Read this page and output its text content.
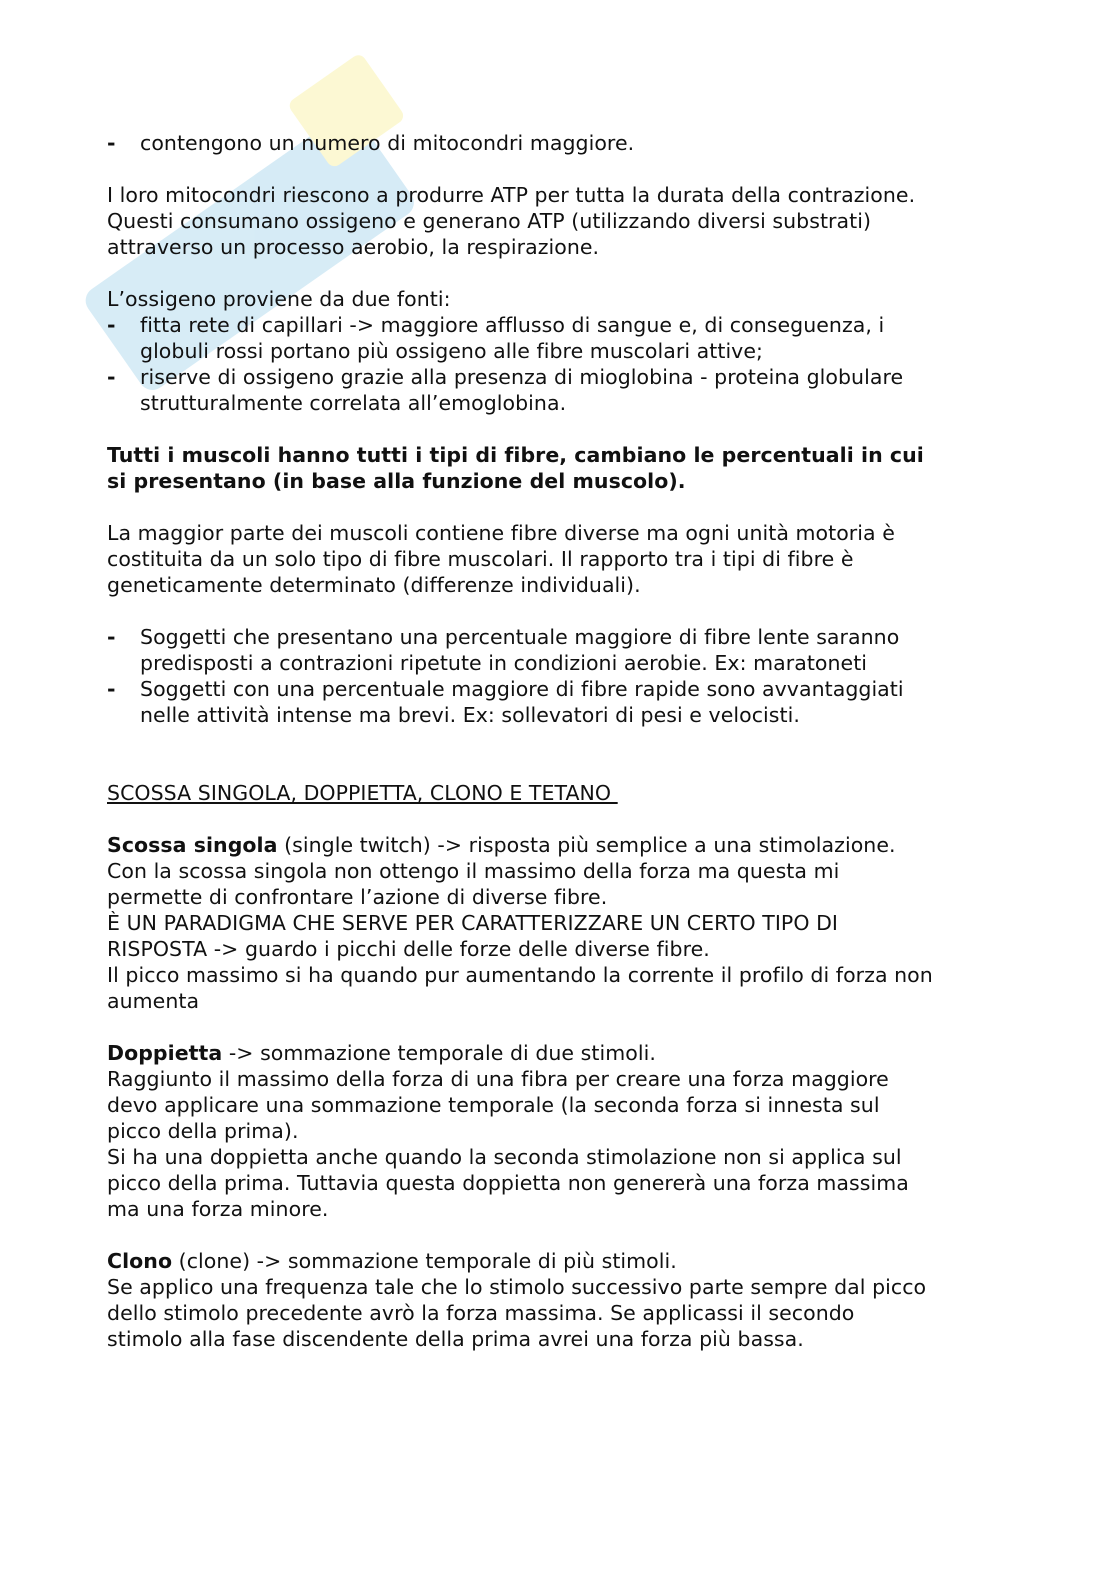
- contengono un numero di mitocondri maggiore.

I loro mitocondri riescono a produrre ATP per tutta la durata della contrazione.
Questi consumano ossigeno e generano ATP (utilizzando diversi substrati)
attraverso un processo aerobio, la respirazione.

L’ossigeno proviene da due fonti:

- fitta rete di capillari -> maggiore afflusso di sangue e, di conseguenza, i
globuli rossi portano più ossigeno alle fibre muscolari attive;

- riserve di ossigeno grazie alla presenza di mioglobina - proteina globulare
strutturalmente correlata all’emoglobina.

Tutti i muscoli hanno tutti i tipi di fibre, cambiano le percentuali in cui
si presentano (in base alla funzione del muscolo).

La maggior parte dei muscoli contiene fibre diverse ma ogni unità motoria è
costituita da un solo tipo di fibre muscolari. Il rapporto tra i tipi di fibre è
geneticamente determinato (differenze individuali).

- Soggetti che presentano una percentuale maggiore di fibre lente saranno
predisposti a contrazioni ripetute in condizioni aerobie. Ex: maratoneti

- Soggetti con una percentuale maggiore di fibre rapide sono avvantaggiati
nelle attività intense ma brevi. Ex: sollevatori di pesi e velocisti.

SCOSSA SINGOLA, DOPPIETTA, CLONO E TETANO

Scossa singola (single twitch) -> risposta più semplice a una stimolazione.
Con la scossa singola non ottengo il massimo della forza ma questa mi
permette di confrontare l’azione di diverse fibre.
È UN PARADIGMA CHE SERVE PER CARATTERIZZARE UN CERTO TIPO DI
RISPOSTA -> guardo i picchi delle forze delle diverse fibre.
Il picco massimo si ha quando pur aumentando la corrente il profilo di forza non
aumenta

Doppietta -> sommazione temporale di due stimoli.
Raggiunto il massimo della forza di una fibra per creare una forza maggiore
devo applicare una sommazione temporale (la seconda forza si innesta sul
picco della prima).
Si ha una doppietta anche quando la seconda stimolazione non si applica sul
picco della prima. Tuttavia questa doppietta non genererà una forza massima
ma una forza minore.

Clono (clone) -> sommazione temporale di più stimoli.
Se applico una frequenza tale che lo stimolo successivo parte sempre dal picco
dello stimolo precedente avrò la forza massima. Se applicassi il secondo
stimolo alla fase discendente della prima avrei una forza più bassa.
